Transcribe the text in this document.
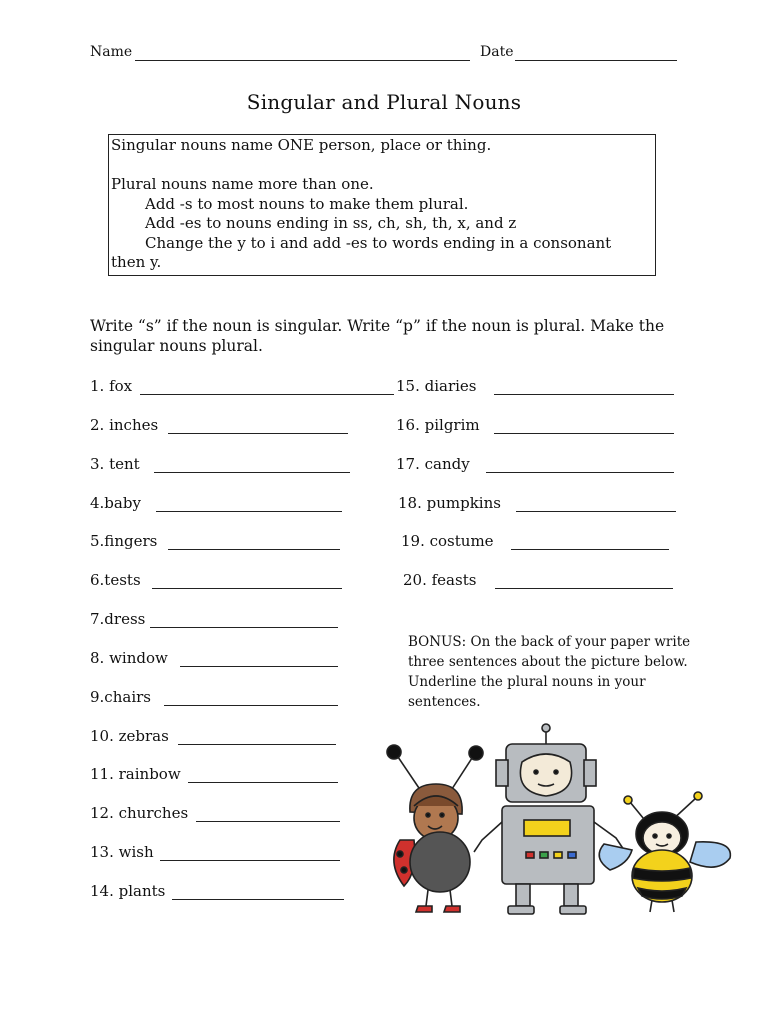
Name	Date
Singular and Plural Nouns
Singular nouns name ONE person, place or thing.
Plural nouns name more than one.
Add -s to most nouns to make them plural.
Add -es to nouns ending in ss, ch, sh, th, x, and z
Change the y to i and add -es to words ending in a consonant
then y.
Write “s” if the noun is singular. Write “p” if the noun is plural. Make the singular nouns plural.
1. fox
2. inches
3. tent
4.baby
5.fingers
6.tests
7.dress
8. window
9.chairs
10. zebras
11. rainbow
12. churches
13. wish
14. plants
15. diaries
16. pilgrim
17. candy
18. pumpkins
19. costume
20. feasts
BONUS: On the back of your paper write three sentences about the picture below. Underline the plural nouns in your sentences.
